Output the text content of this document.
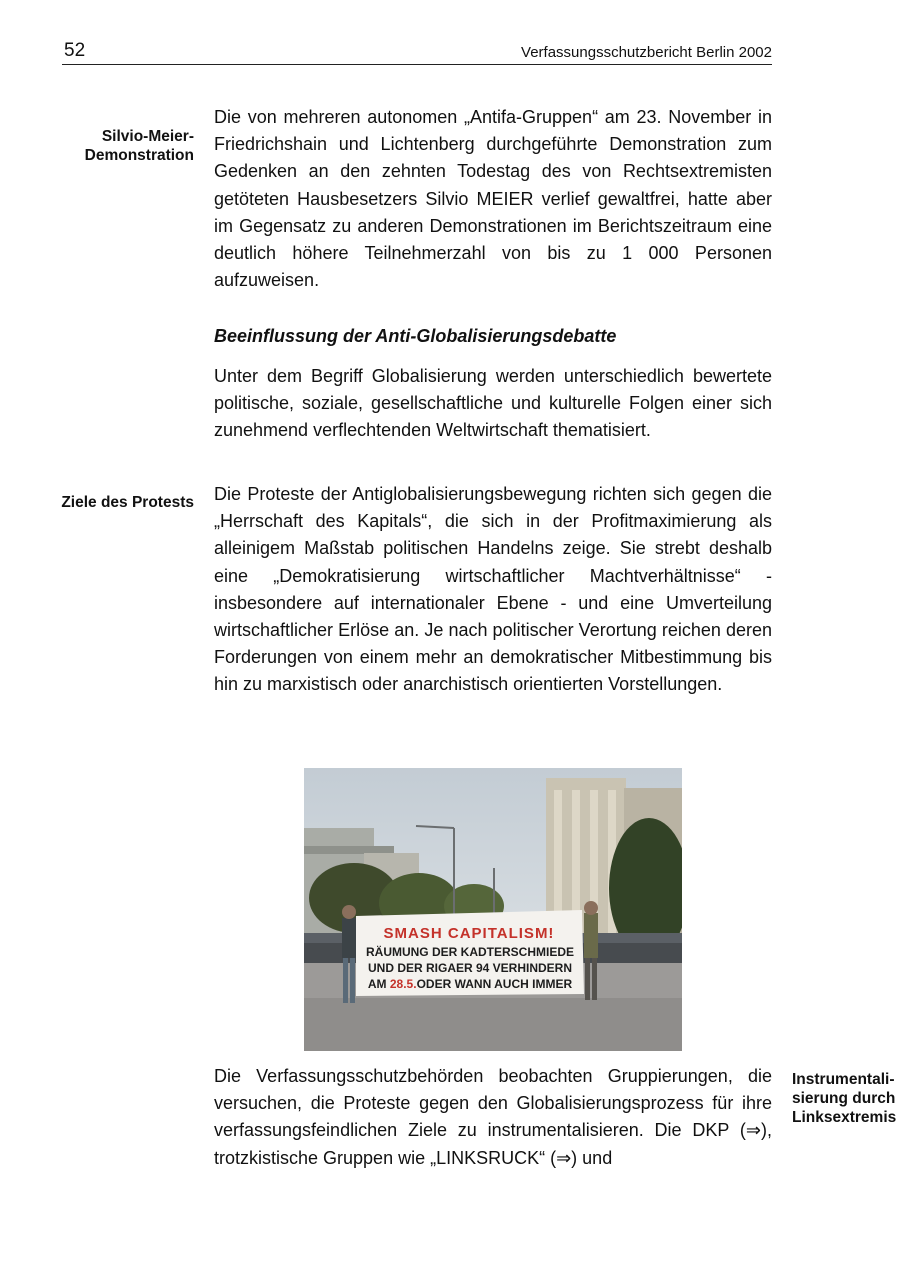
52	Verfassungsschutzbericht Berlin 2002
Silvio-Meier-
Demonstration

Die von mehreren autonomen „Antifa-Gruppen“ am 23. November in Friedrichshain und Lichtenberg durchgeführte Demonstration zum Gedenken an den zehnten Todestag des von Rechtsextremisten getöteten Hausbesetzers Silvio MEIER verlief gewaltfrei, hatte aber im Gegensatz zu anderen Demonstrationen im Berichtszeitraum eine deutlich höhere Teilnehmerzahl von bis zu 1 000 Personen aufzuweisen.

Beeinflussung der Anti-Globalisierungsdebatte

Unter dem Begriff Globalisierung werden unterschiedlich bewertete politische, soziale, gesellschaftliche und kulturelle Folgen einer sich zunehmend verflechtenden Weltwirtschaft thematisiert.

Ziele des Protests Die Proteste der Antiglobalisierungsbewegung richten sich gegen die „Herrschaft des Kapitals“, die sich in der Profitmaximierung als alleinigem Maßstab politischen Handelns zeige. Sie strebt deshalb eine „Demokratisierung wirtschaftlicher Machtverhältnisse“ - insbesondere auf internationaler Ebene - und eine Umverteilung wirtschaftlicher Erlöse an. Je nach politischer Verortung reichen deren Forderungen von einem mehr an demokratischer Mitbestimmung bis hin zu marxistisch oder anarchistisch orientierten Vorstellungen.

SMASH CAPITALISM!
RÄUMUNG DER KADTERSCHMIEDE
UND DER RIGAER 94 VERHINDERN
AM 28.5.ODER WANN AUCH IMMER

Die Verfassungsschutzbehörden beobachten Gruppierungen, die versuchen, die Proteste gegen den Globalisierungsprozess für ihre verfassungsfeindlichen Ziele zu instrumentalisieren. Die DKP (⇒), trotzkistische Gruppen wie „LINKSRUCK“ (⇒) und

Instrumentali-
sierung durch
Linksextremis
